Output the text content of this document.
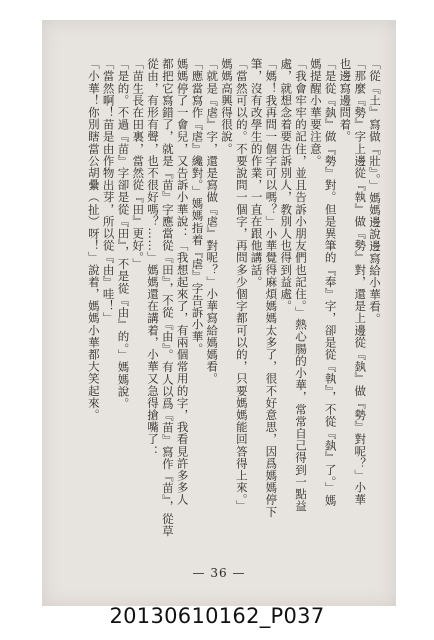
「從『土』寫做『壯』。」媽媽邊說邊寫給小華看。
「那麼『勢』字上邊從『執』做『勢』對，還是上邊從『埶』做『勢』對呢？」小華
也邊寫邊問着。
「是從『埶』做『勢』對。但是異筆的『奉』字，卻是從『執』，不從『埶』了。」媽
媽提醒小華要注意。
「我會牢牢的記住，並且告訴小朋友們也記住。」熱心腸的小華，常常自己得到一點益
處，就想念着要告訴別人，教別人也得到益處。
「媽！我再問一個字可以嗎？」小華覺得麻煩媽媽太多了，很不好意思，因爲媽媽停下
筆，沒有改學生的作業，一直在跟他講話。
「當然可以的。不要說問一個字，再問多少個字都可以的，只要媽媽能回答得上來。」
媽媽高興得很說。
「就是『虐』字，還是寫做『虐』對呢？」小華寫給媽媽看。
「應當寫作『虐』纔對。」媽媽指着『虐』字告訴小華。
媽媽停了一會兒，又告訴小華說：「我想起來了，有兩個常用的字，我看見許多多人
都把它寫錯了，就是『苗』字應當從『田』，不從『由』。有人以爲『苗』寫作『苗』，從草
從由，有形有聲，也不很好嗎？……」媽媽還在講着，小華又急得搶嘴了：
「苗生長在田裏，當然從『田』更好。」
「是的。不過『苗』字卻是從『田』，不是從『由』的。」媽媽說。
「當然啊！苗是由作物出芽，所以從『由』哇！」
「小華！你別瞎當公胡纍（扯）呀！」說着，媽媽小華都大笑起來。
— 36 —
20130610162_P037
